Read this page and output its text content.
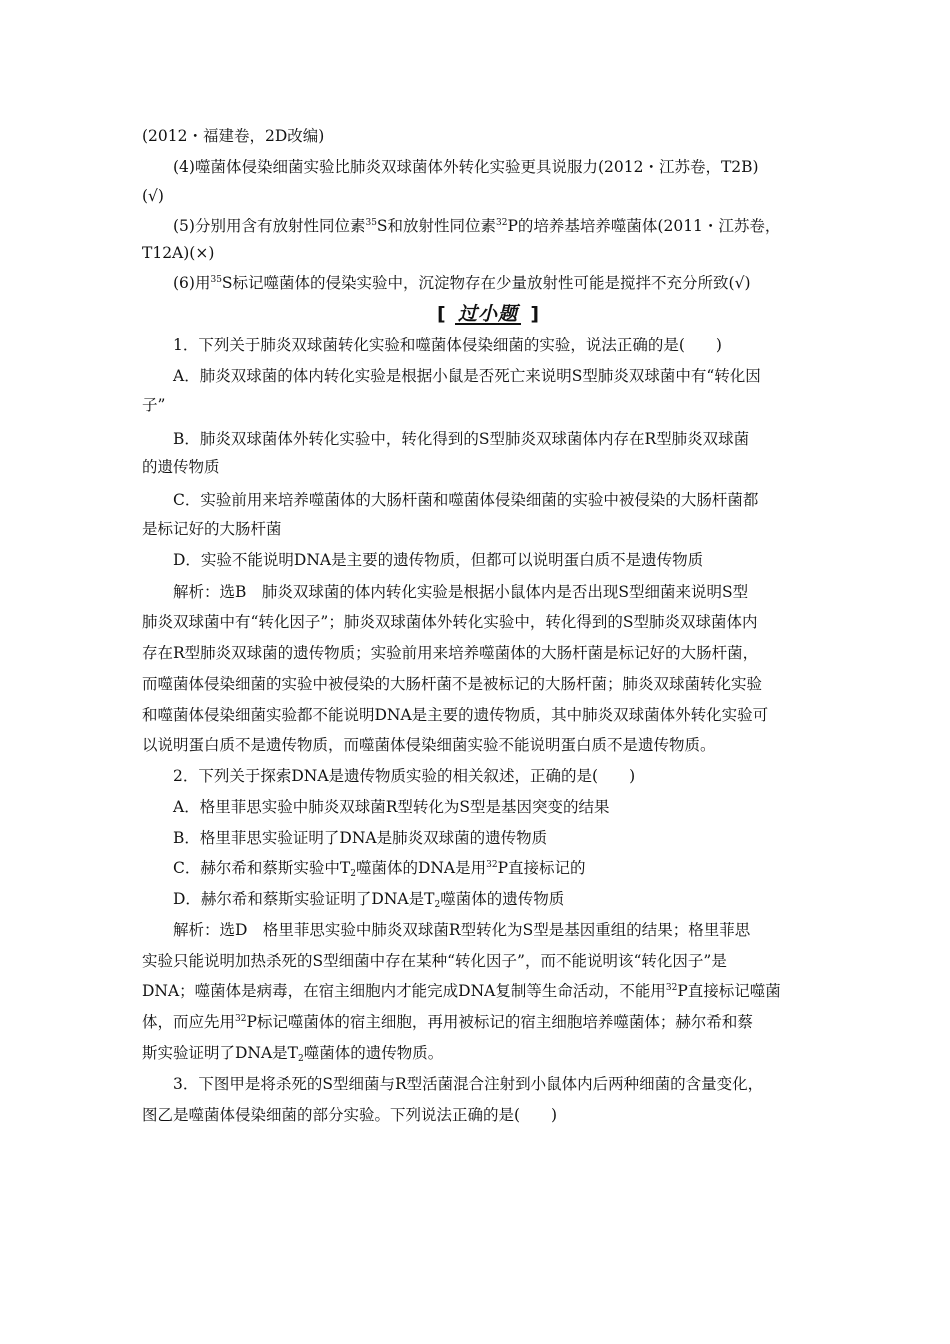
(2012・福建卷，2D改编)
(4)噬菌体侵染细菌实验比肺炎双球菌体外转化实验更具说服力(2012・江苏卷，T2B)
(√)
(5)分别用含有放射性同位素$^{35}$S和放射性同位素$^{32}$P的培养基培养噬菌体(2011・江苏卷，
T12A)(×)
(6)用$^{35}$S标记噬菌体的侵染实验中，沉淀物存在少量放射性可能是搅拌不充分所致(√)
[ 过小题 ]
1．下列关于肺炎双球菌转化实验和噬菌体侵染细菌的实验，说法正确的是(　　)
A．肺炎双球菌的体内转化实验是根据小鼠是否死亡来说明S型肺炎双球菌中有“转化因
子”
B．肺炎双球菌体外转化实验中，转化得到的S型肺炎双球菌体内存在R型肺炎双球菌
的遗传物质
C．实验前用来培养噬菌体的大肠杆菌和噬菌体侵染细菌的实验中被侵染的大肠杆菌都
是标记好的大肠杆菌
D．实验不能说明DNA是主要的遗传物质，但都可以说明蛋白质不是遗传物质
解析：选B　肺炎双球菌的体内转化实验是根据小鼠体内是否出现S型细菌来说明S型
肺炎双球菌中有“转化因子”；肺炎双球菌体外转化实验中，转化得到的S型肺炎双球菌体内
存在R型肺炎双球菌的遗传物质；实验前用来培养噬菌体的大肠杆菌是标记好的大肠杆菌，
而噬菌体侵染细菌的实验中被侵染的大肠杆菌不是被标记的大肠杆菌；肺炎双球菌转化实验
和噬菌体侵染细菌实验都不能说明DNA是主要的遗传物质，其中肺炎双球菌体外转化实验可
以说明蛋白质不是遗传物质，而噬菌体侵染细菌实验不能说明蛋白质不是遗传物质。
2．下列关于探索DNA是遗传物质实验的相关叙述，正确的是(　　)
A．格里菲思实验中肺炎双球菌R型转化为S型是基因突变的结果
B．格里菲思实验证明了DNA是肺炎双球菌的遗传物质
C．赫尔希和蔡斯实验中$T_2$噬菌体的DNA是用$^{32}$P直接标记的
D．赫尔希和蔡斯实验证明了DNA是$T_2$噬菌体的遗传物质
解析：选D　格里菲思实验中肺炎双球菌R型转化为S型是基因重组的结果；格里菲思
实验只能说明加热杀死的S型细菌中存在某种“转化因子”，而不能说明该“转化因子”是
DNA；噬菌体是病毒，在宿主细胞内才能完成DNA复制等生命活动，不能用$^{32}$P直接标记噬菌
体，而应先用$^{32}$P标记噬菌体的宿主细胞，再用被标记的宿主细胞培养噬菌体；赫尔希和蔡
斯实验证明了DNA是$T_2$噬菌体的遗传物质。
3．下图甲是将杀死的S型细菌与R型活菌混合注射到小鼠体内后两种细菌的含量变化，
图乙是噬菌体侵染细菌的部分实验。下列说法正确的是(　　)
